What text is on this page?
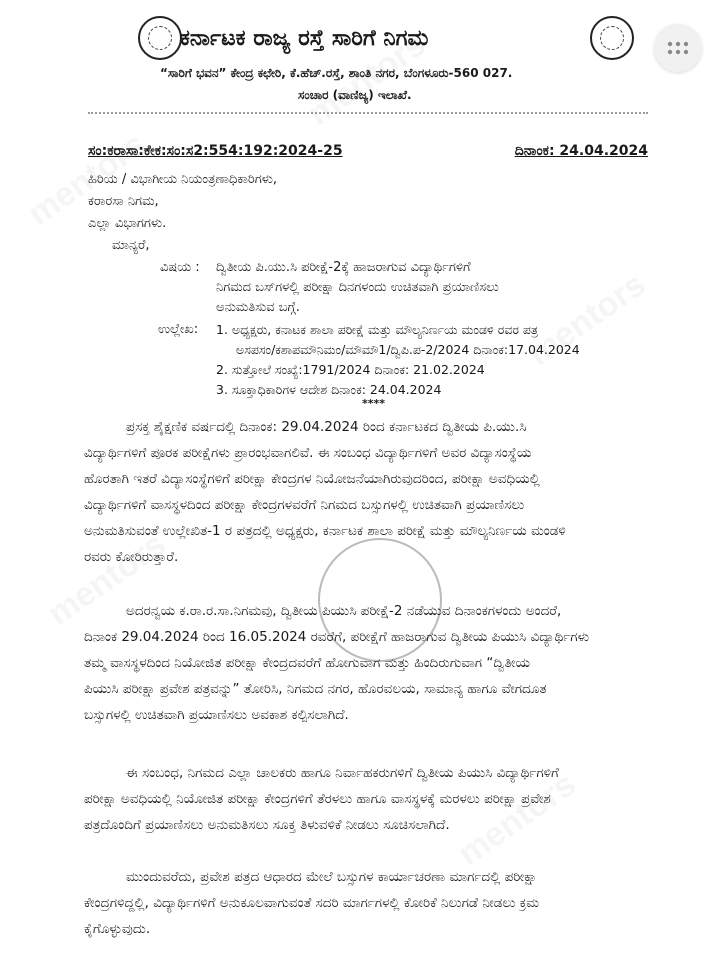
ಕರ್ನಾಟಕ ರಾಜ್ಯ ರಸ್ತೆ ಸಾರಿಗೆ ನಿಗಮ
“ಸಾರಿಗೆ ಭವನ” ಕೇಂದ್ರ ಕಛೇರಿ, ಕೆ.ಹೆಚ್.ರಸ್ತೆ, ಶಾಂತಿ ನಗರ, ಬೆಂಗಳೂರು-560 027.
ಸಂಚಾರ (ವಾಣಿಜ್ಯ) ಇಲಾಖೆ.
ಸಂ:ಕರಾಸಾ:ಕೇಕ:ಸಂ:ಸ2:554:192:2024-25	ದಿನಾಂಕ: 24.04.2024
ಹಿರಿಯ / ವಿಭಾಗೀಯ ನಿಯಂತ್ರಣಾಧಿಕಾರಿಗಳು,
ಕರಾರಸಾ ನಿಗಮ,
ಎಲ್ಲಾ ವಿಭಾಗಗಳು.
ಮಾನ್ಯರೆ,
ವಿಷಯ : ದ್ವಿತೀಯ ಪಿ.ಯು.ಸಿ ಪರೀಕ್ಷೆ-2ಕ್ಕೆ ಹಾಜರಾಗುವ ವಿದ್ಯಾರ್ಥಿಗಳಿಗೆ
ನಿಗಮದ ಬಸ್‌ಗಳಲ್ಲಿ ಪರೀಕ್ಷಾ ದಿನಗಳಂದು ಉಚಿತವಾಗಿ ಪ್ರಯಾಣಿಸಲು
ಅನುಮತಿಸುವ ಬಗ್ಗೆ.
ಉಲ್ಲೇಖ: 1. ಅಧ್ಯಕ್ಷರು, ಕನಾಟಕ ಶಾಲಾ ಪರೀಕ್ಷೆ ಮತ್ತು ಮೌಲ್ಯನಿರ್ಣಯ ಮಂಡಳಿ ರವರ ಪತ್ರ
ಅಸಪಸಂ/ಕಶಾಪಮೌನಿಮಂ/ಮೌಮೌ1/ದ್ವಿಪಿ.ಪ-2/2024 ದಿನಾಂಕ:17.04.2024
2. ಸುತ್ತೋಲೆ ಸಂಖ್ಯೆ:1791/2024 ದಿನಾಂಕ: 21.02.2024
3. ಸೂಕ್ತಾಧಿಕಾರಿಗಳ ಆದೇಶ ದಿನಾಂಕ: 24.04.2024
****
ಪ್ರಸಕ್ತ ಶೈಕ್ಷಣಿಕ ವರ್ಷದಲ್ಲಿ ದಿನಾಂಕ: 29.04.2024 ರಿಂದ ಕರ್ನಾಟಕದ ದ್ವಿತೀಯ ಪಿ.ಯು.ಸಿ
ವಿದ್ಯಾರ್ಥಿಗಳಿಗೆ ಪೂರಕ ಪರೀಕ್ಷೆಗಳು ಪ್ರಾರಂಭವಾಗಲಿವೆ. ಈ ಸಂಬಂಧ ವಿದ್ಯಾರ್ಥಿಗಳಿಗೆ ಅವರ ವಿದ್ಯಾಸಂಸ್ಥೆಯ
ಹೊರತಾಗಿ ಇತರೆ ವಿದ್ಯಾಸಂಸ್ಥೆಗಳಿಗೆ ಪರೀಕ್ಷಾ ಕೇಂದ್ರಗಳ ನಿಯೋಜನೆಯಾಗಿರುವುದರಿಂದ, ಪರೀಕ್ಷಾ ಅವಧಿಯಲ್ಲಿ
ವಿದ್ಯಾರ್ಥಿಗಳಿಗೆ ವಾಸಸ್ಥಳದಿಂದ ಪರೀಕ್ಷಾ ಕೇಂದ್ರಗಳವರೆಗೆ ನಿಗಮದ ಬಸ್ಸುಗಳಲ್ಲಿ ಉಚಿತವಾಗಿ ಪ್ರಯಾಣಿಸಲು
ಅನುಮತಿಸುವಂತೆ ಉಲ್ಲೇಖಿತ-1 ರ ಪತ್ರದಲ್ಲಿ ಅಧ್ಯಕ್ಷರು, ಕರ್ನಾಟಕ ಶಾಲಾ ಪರೀಕ್ಷೆ ಮತ್ತು ಮೌಲ್ಯನಿರ್ಣಯ ಮಂಡಳಿ
ರವರು ಕೋರಿರುತ್ತಾರೆ.
ಅದರನ್ವಯ ಕ.ರಾ.ರ.ಸಾ.ನಿಗಮವು, ದ್ವಿತೀಯ ಪಿಯುಸಿ ಪರೀಕ್ಷೆ-2 ನಡೆಯುವ ದಿನಾಂಕಗಳಂದು ಅಂದರೆ,
ದಿನಾಂಕ 29.04.2024 ರಿಂದ 16.05.2024 ರವರೆಗೆ, ಪರೀಕ್ಷೆಗೆ ಹಾಜರಾಗುವ ದ್ವಿತೀಯ ಪಿಯುಸಿ ವಿದ್ಯಾರ್ಥಿಗಳು
ತಮ್ಮ ವಾಸಸ್ಥಳದಿಂದ ನಿಯೋಜಿತ ಪರೀಕ್ಷಾ ಕೇಂದ್ರದವರೆಗೆ ಹೋಗುವಾಗ ಮತ್ತು ಹಿಂದಿರುಗುವಾಗ “ದ್ವಿತೀಯ
ಪಿಯುಸಿ ಪರೀಕ್ಷಾ ಪ್ರವೇಶ ಪತ್ರವನ್ನು” ತೋರಿಸಿ, ನಿಗಮದ ನಗರ, ಹೊರವಲಯ, ಸಾಮಾನ್ಯ ಹಾಗೂ ವೇಗದೂತ
ಬಸ್ಸುಗಳಲ್ಲಿ ಉಚಿತವಾಗಿ ಪ್ರಯಾಣಿಸಲು ಅವಕಾಶ ಕಲ್ಪಿಸಲಾಗಿದೆ.
ಈ ಸಂಬಂಧ, ನಿಗಮದ ಎಲ್ಲಾ ಚಾಲಕರು ಹಾಗೂ ನಿರ್ವಾಹಕರುಗಳಿಗೆ ದ್ವಿತೀಯ ಪಿಯುಸಿ ವಿದ್ಯಾರ್ಥಿಗಳಿಗೆ
ಪರೀಕ್ಷಾ ಅವಧಿಯಲ್ಲಿ ನಿಯೋಜಿತ ಪರೀಕ್ಷಾ ಕೇಂದ್ರಗಳಿಗೆ ತೆರಳಲು ಹಾಗೂ ವಾಸಸ್ಥಳಕ್ಕೆ ಮರಳಲು ಪರೀಕ್ಷಾ ಪ್ರವೇಶ
ಪತ್ರದೊಂದಿಗೆ ಪ್ರಯಾಣಿಸಲು ಅನುಮತಿಸಲು ಸೂಕ್ತ ತಿಳುವಳಿಕೆ ನೀಡಲು ಸೂಚಿಸಲಾಗಿದೆ.
ಮುಂದುವರೆದು, ಪ್ರವೇಶ ಪತ್ರದ ಆಧಾರದ ಮೇಲೆ ಬಸ್ಸುಗಳ ಕಾರ್ಯಾಚರಣಾ ಮಾರ್ಗದಲ್ಲಿ ಪರೀಕ್ಷಾ
ಕೇಂದ್ರಗಳಿದ್ದಲ್ಲಿ, ವಿದ್ಯಾರ್ಥಿಗಳಿಗೆ ಅನುಕೂಲವಾಗುವಂತೆ ಸದರಿ ಮಾರ್ಗಗಳಲ್ಲಿ ಕೋರಿಕೆ ನಿಲುಗಡೆ ನೀಡಲು ಕ್ರಮ
ಕೈಗೊಳ್ಳುವುದು.
